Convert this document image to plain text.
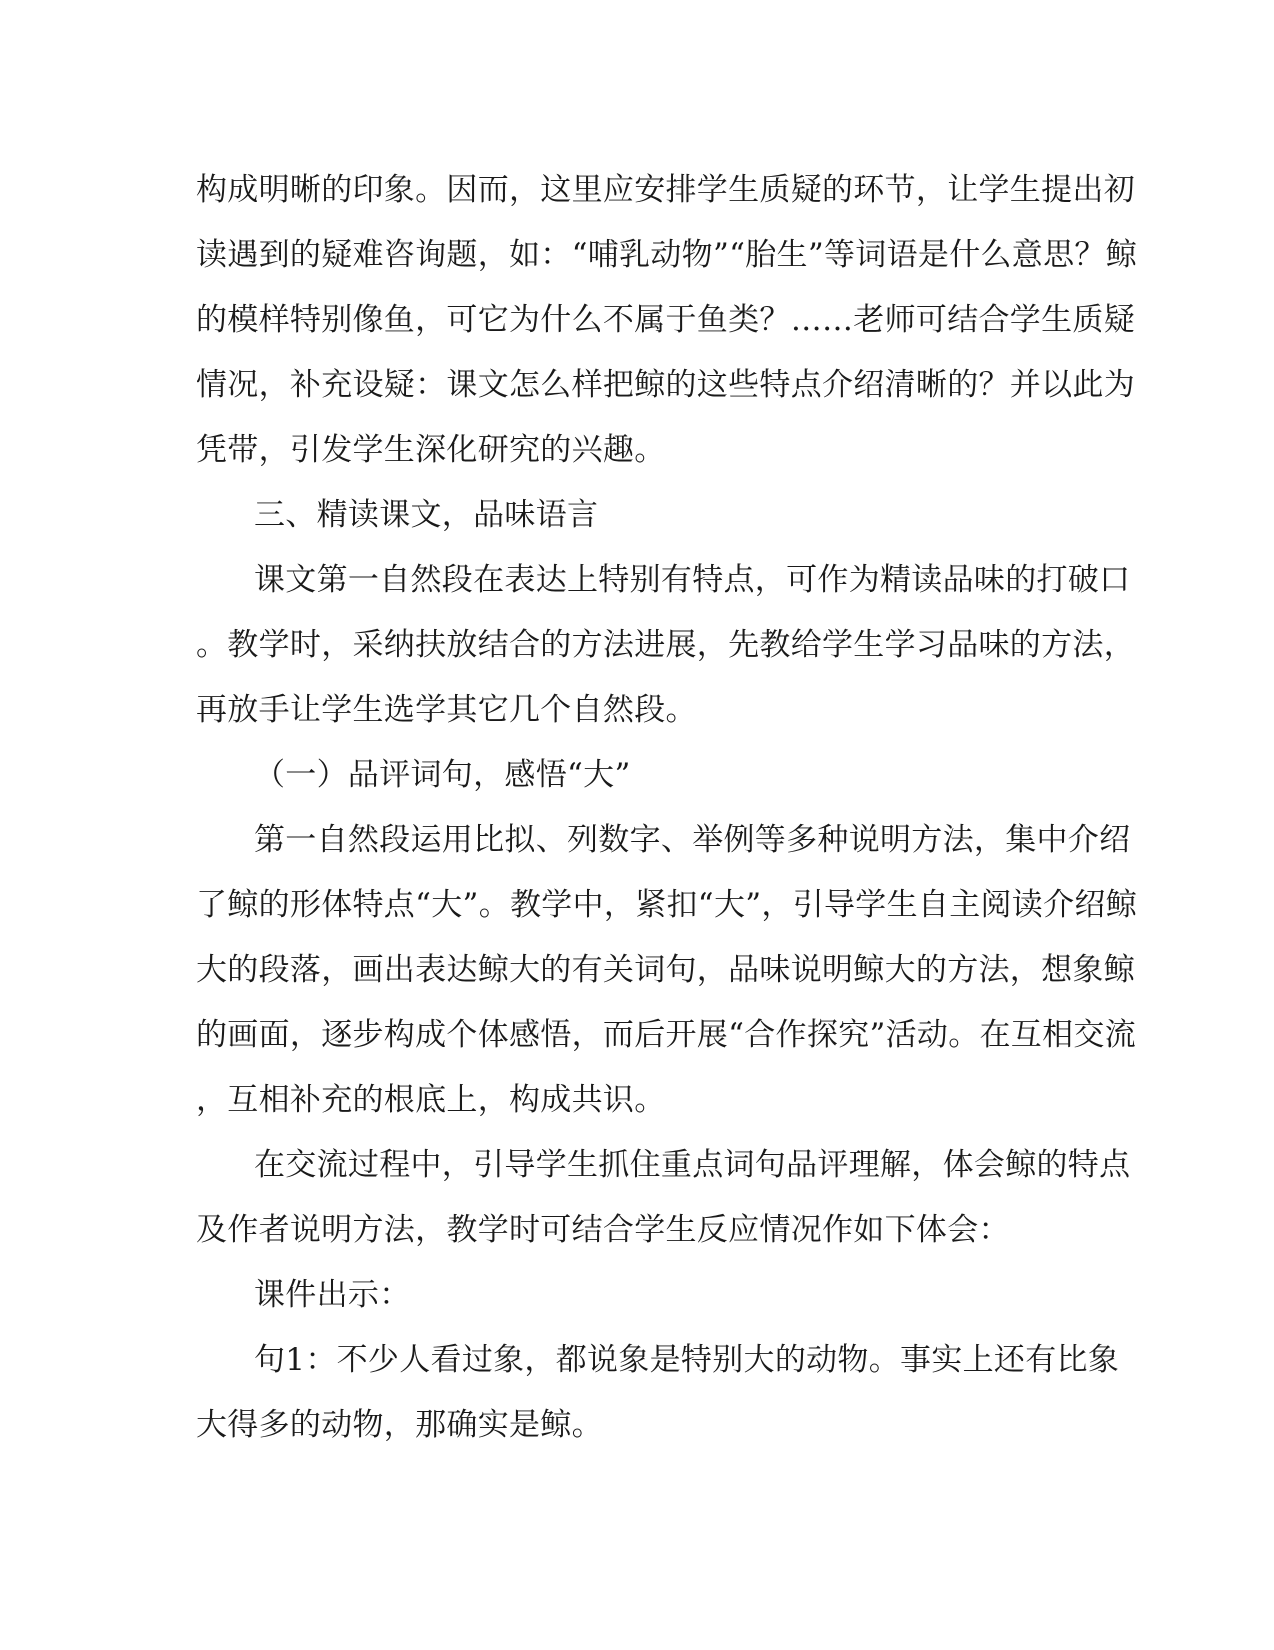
构成明晰的印象。因而，这里应安排学生质疑的环节，让学生提出初
读遇到的疑难咨询题，如：“哺乳动物”“胎生”等词语是什么意思？鲸
的模样特别像鱼，可它为什么不属于鱼类？……老师可结合学生质疑
情况，补充设疑：课文怎么样把鲸的这些特点介绍清晰的？并以此为
凭带，引发学生深化研究的兴趣。
三、精读课文，品味语言
课文第一自然段在表达上特别有特点，可作为精读品味的打破口
。教学时，采纳扶放结合的方法进展，先教给学生学习品味的方法，
再放手让学生选学其它几个自然段。
（一）品评词句，感悟“大”
第一自然段运用比拟、列数字、举例等多种说明方法，集中介绍
了鲸的形体特点“大”。教学中，紧扣“大”，引导学生自主阅读介绍鲸
大的段落，画出表达鲸大的有关词句，品味说明鲸大的方法，想象鲸
的画面，逐步构成个体感悟，而后开展“合作探究”活动。在互相交流
，互相补充的根底上，构成共识。
在交流过程中，引导学生抓住重点词句品评理解，体会鲸的特点
及作者说明方法，教学时可结合学生反应情况作如下体会：
课件出示：
句1：不少人看过象，都说象是特别大的动物。事实上还有比象
大得多的动物，那确实是鲸。
